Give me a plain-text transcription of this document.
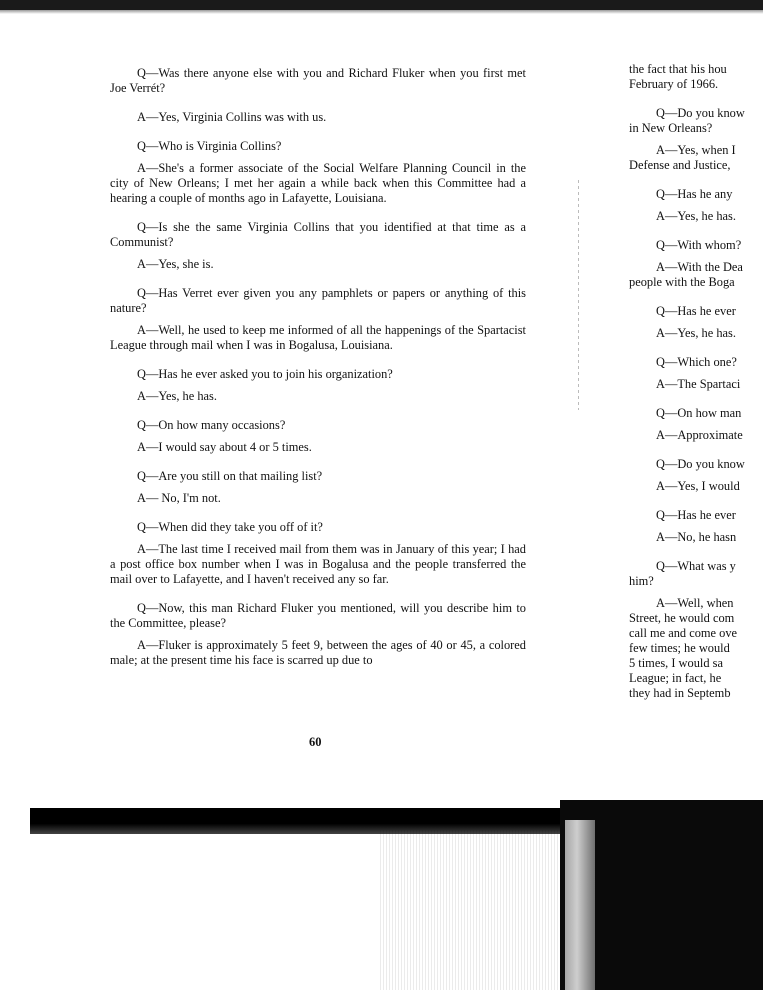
Q—Was there anyone else with you and Richard Fluker when you first met Joe Verrét?

A—Yes, Virginia Collins was with us.

Q—Who is Virginia Collins?

A—She's a former associate of the Social Welfare Planning Council in the city of New Orleans; I met her again a while back when this Committee had a hearing a couple of months ago in Lafayette, Louisiana.

Q—Is she the same Virginia Collins that you identified at that time as a Communist?

A—Yes, she is.

Q—Has Verret ever given you any pamphlets or papers or anything of this nature?

A—Well, he used to keep me informed of all the happenings of the Spartacist League through mail when I was in Bogalusa, Louisiana.

Q—Has he ever asked you to join his organization?

A—Yes, he has.

Q—On how many occasions?

A—I would say about 4 or 5 times.

Q—Are you still on that mailing list?

A— No, I'm not.

Q—When did they take you off of it?

A—The last time I received mail from them was in January of this year; I had a post office box number when I was in Bogalusa and the people transferred the mail over to Lafayette, and I haven't received any so far.

Q—Now, this man Richard Fluker you mentioned, will you describe him to the Committee, please?

A—Fluker is approximately 5 feet 9, between the ages of 40 or 45, a colored male; at the present time his face is scarred up due to

the fact that his hou

February of 1966.

Q—Do you know

in New Orleans?

A—Yes, when I

Defense and Justice,

Q—Has he any

A—Yes, he has.

Q—With whom?

A—With the Dea

people with the Boga

Q—Has he ever

A—Yes, he has.

Q—Which one?

A—The Spartaci

Q—On how man

A—Approximate

Q—Do you know

A—Yes, I would

Q—Has he ever

A—No, he hasn

Q—What was y

him?

A—Well, when

Street, he would com

call me and come ove

few times; he would

5 times, I would sa

League; in fact, he

they had in Septemb

60
